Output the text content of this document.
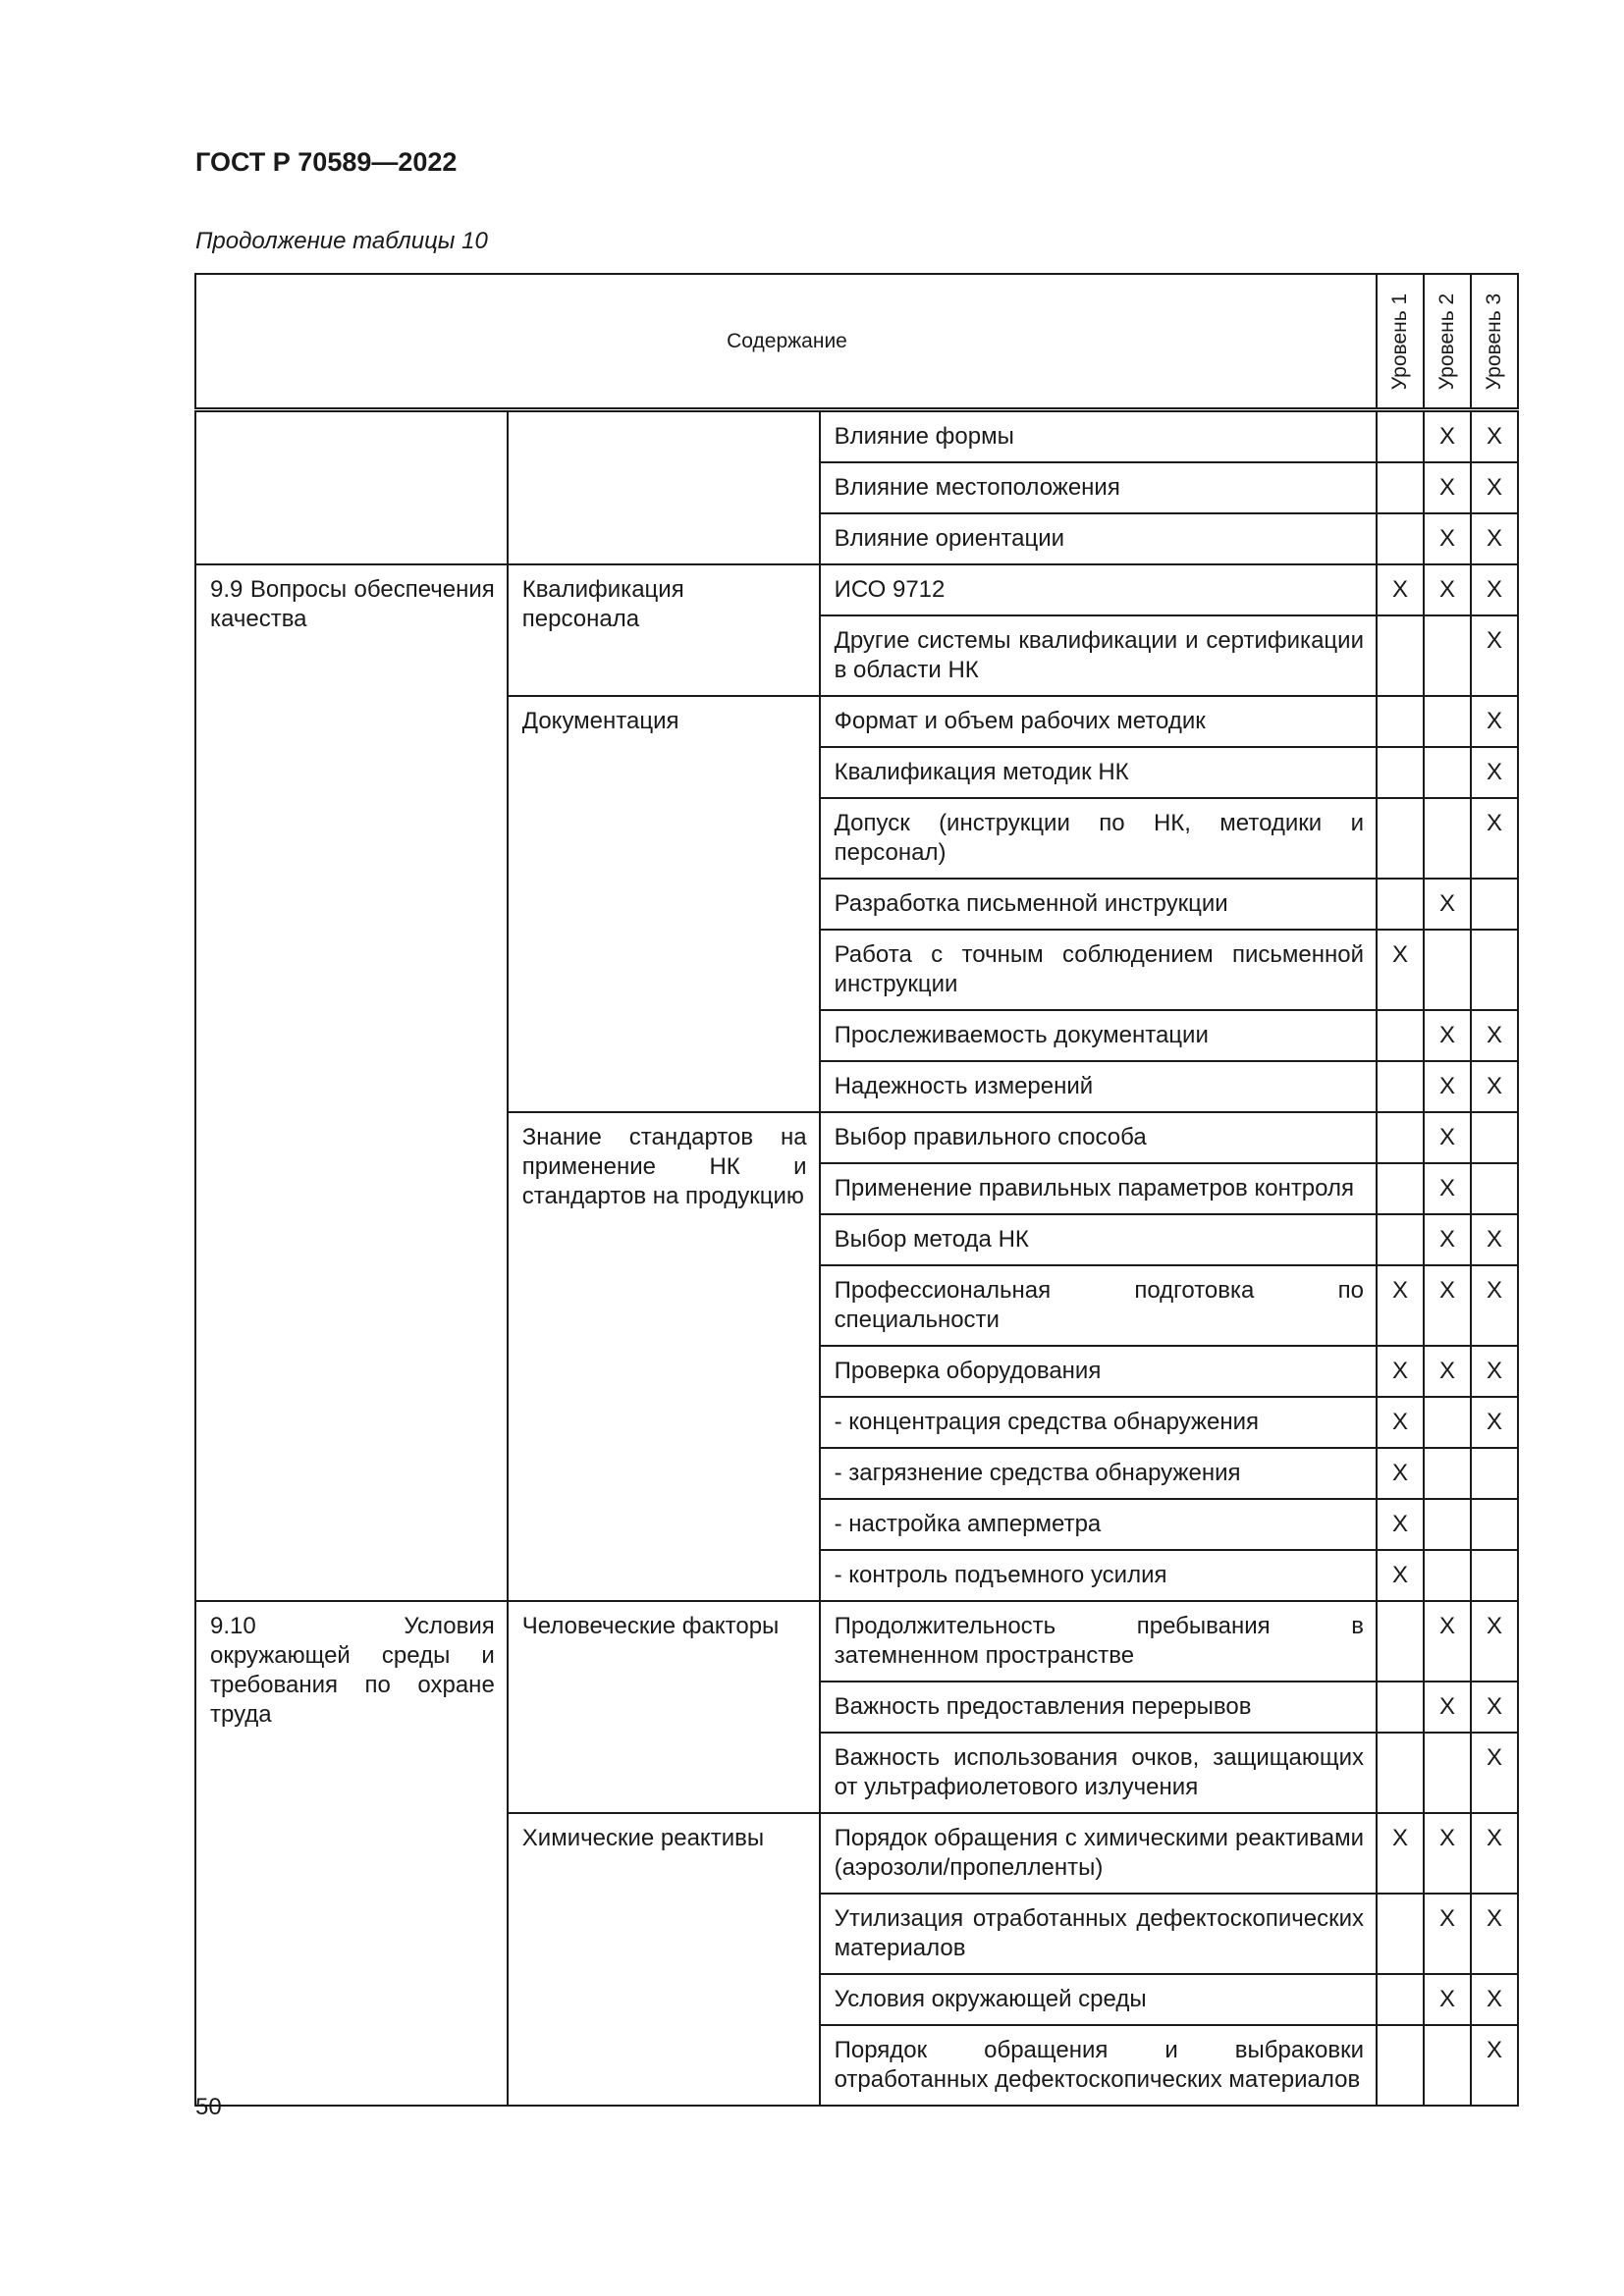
ГОСТ Р 70589—2022
Продолжение таблицы 10
Содержание			Уровень 1	Уровень 2	Уровень 3

		Влияние формы		X	X
		Влияние местоположения		X	X
		Влияние ориентации		X	X
9.9 Вопросы обеспечения качества	Квалификация персонала	ИСО 9712	X	X	X
		Другие системы квалификации и сертификации в области НК			X
	Документация	Формат и объем рабочих методик			X
		Квалификация методик НК			X
		Допуск (инструкции по НК, методики и персонал)			X
		Разработка письменной инструкции		X	
		Работа с точным соблюдением письменной инструкции	X		
		Прослеживаемость документации		X	X
		Надежность измерений		X	X
	Знание стандартов на применение НК и стандартов на продукцию	Выбор правильного способа		X	
		Применение правильных параметров контроля		X	
		Выбор метода НК		X	X
		Профессиональная подготовка по специальности	X	X	X
		Проверка оборудования	X	X	X
		- концентрация средства обнаружения	X		X
		- загрязнение средства обнаружения	X		
		- настройка амперметра	X		
		- контроль подъемного усилия	X		
9.10 Условия окружающей среды и требования по охране труда	Человеческие факторы	Продолжительность пребывания в затемненном пространстве		X	X
		Важность предоставления перерывов		X	X
		Важность использования очков, защищающих от ультрафиолетового излучения			X
	Химические реактивы	Порядок обращения с химическими реактивами (аэрозоли/пропелленты)	X	X	X
		Утилизация отработанных дефектоскопических материалов		X	X
		Условия окружающей среды		X	X
		Порядок обращения и выбраковки отработанных дефектоскопических материалов			X
50
